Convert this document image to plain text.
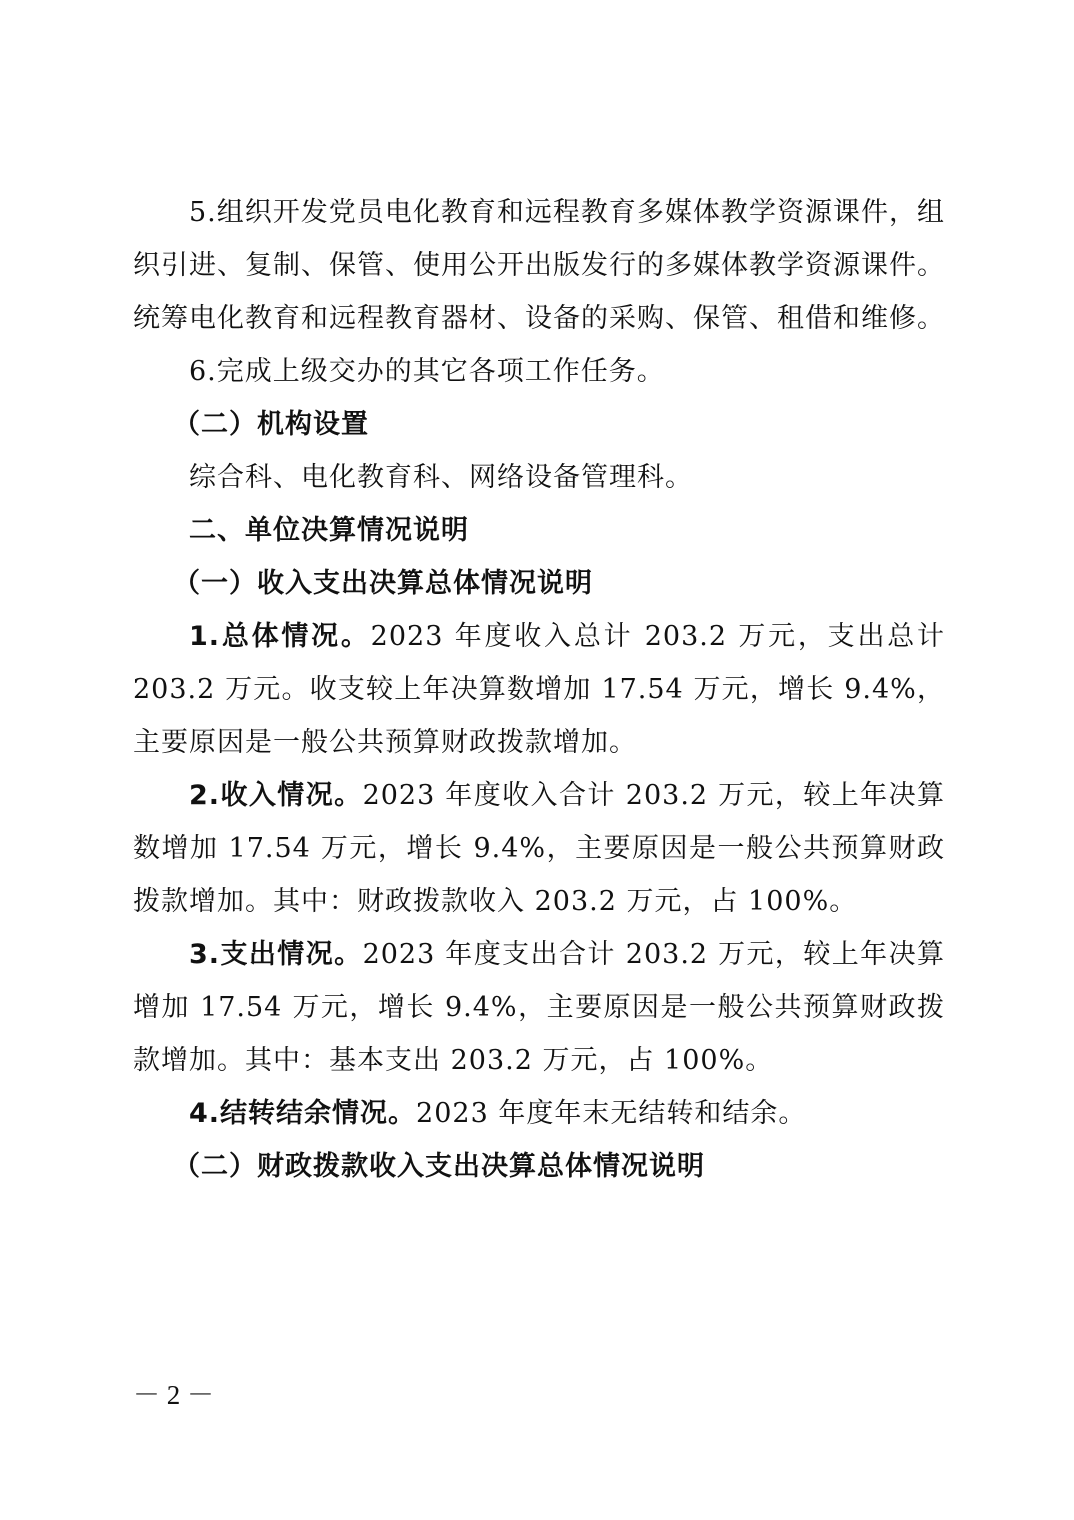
5.组织开发党员电化教育和远程教育多媒体教学资源课件，组织引进、复制、保管、使用公开出版发行的多媒体教学资源课件。统筹电化教育和远程教育器材、设备的采购、保管、租借和维修。

6.完成上级交办的其它各项工作任务。

（二）机构设置

综合科、电化教育科、网络设备管理科。

二、单位决算情况说明

（一）收入支出决算总体情况说明

1.总体情况。2023 年度收入总计 203.2 万元，支出总计 203.2 万元。收支较上年决算数增加 17.54 万元，增长 9.4%，主要原因是一般公共预算财政拨款增加。

2.收入情况。2023 年度收入合计 203.2 万元，较上年决算数增加 17.54 万元，增长 9.4%，主要原因是一般公共预算财政拨款增加。其中：财政拨款收入 203.2 万元，占 100%。

3.支出情况。2023 年度支出合计 203.2 万元，较上年决算增加 17.54 万元，增长 9.4%，主要原因是一般公共预算财政拨款增加。其中：基本支出 203.2 万元，占 100%。

4.结转结余情况。2023 年度年末无结转和结余。

（二）财政拨款收入支出决算总体情况说明

－ 2 －
